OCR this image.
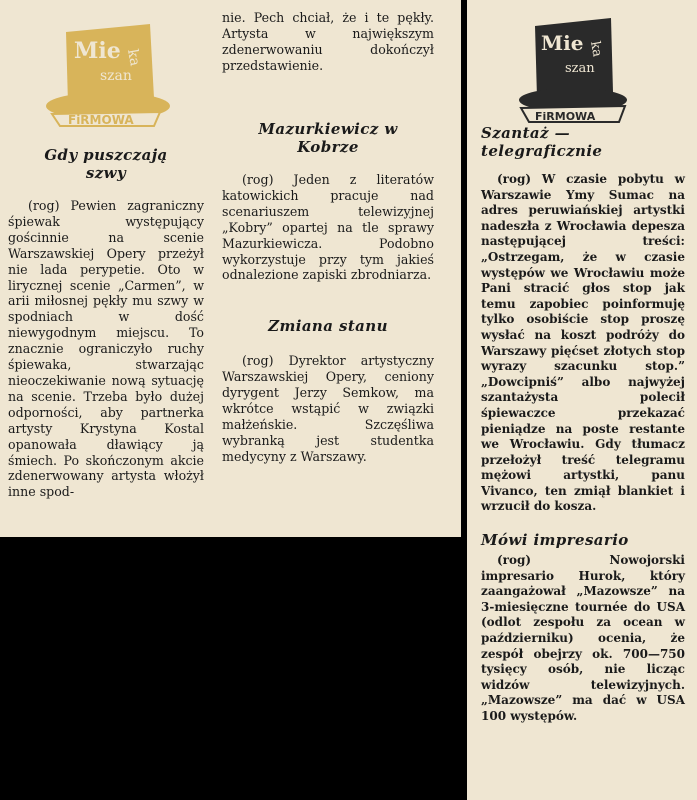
Mie
szan
ka
FiRMOWA

Gdy puszczają szwy

(rog) Pewien zagraniczny śpiewak występujący gościnnie na scenie Warszawskiej Opery przeżył nie lada perypetie. Oto w lirycznej scenie „Carmen”, w arii miłosnej pękły mu szwy w spodniach w dość niewygodnym miejscu. To znacznie ograniczyło ruchy śpiewaka, stwarzając nieoczekiwanie nową sytuację na scenie. Trzeba było dużej odporności, aby partnerka artysty Krystyna Kostal opanowała dławiący ją śmiech. Po skończonym akcie zdenerwowany artysta włożył inne spod-

nie. Pech chciał, że i te pękły. Artysta w największym zdenerwowaniu dokończył przedstawienie.

Mazurkiewicz w Kobrze

(rog) Jeden z literatów katowickich pracuje nad scenariuszem telewizyjnej „Kobry” opartej na tle sprawy Mazurkiewicza. Podobno wykorzystuje przy tym jakieś odnalezione zapiski zbrodniarza.

Zmiana stanu

(rog) Dyrektor artystyczny Warszawskiej Opery, ceniony dyrygent Jerzy Semkow, ma wkrótce wstąpić w związki małżeńskie. Szczęśliwa wybranką jest studentka medycyny z Warszawy.

Mie
szan
ka
FiRMOWA

Szantaż — telegraficznie

(rog) W czasie pobytu w Warszawie Ymy Sumac na adres peruwiańskiej artystki nadeszła z Wrocławia depesza następującej treści: „Ostrzegam, że w czasie występów we Wrocławiu może Pani stracić głos stop jak temu zapobiec poinformuję tylko osobiście stop proszę wysłać na koszt podróży do Warszawy pięćset złotych stop wyrazy szacunku stop.” „Dowcipniś” albo najwyżej szantażysta polecił śpiewaczce przekazać pieniądze na poste restante we Wrocławiu. Gdy tłumacz przełożył treść telegramu mężowi artystki, panu Vivanco, ten zmiął blankiet i wrzucił do kosza.

Mówi impresario

(rog) Nowojorski impresario Hurok, który zaangażował „Mazowsze” na 3-miesięczne tournée do USA (odlot zespołu za ocean w październiku) ocenia, że zespół obejrzy ok. 700—750 tysięcy osób, nie licząc widzów telewizyjnych. „Mazowsze” ma dać w USA 100 występów.
